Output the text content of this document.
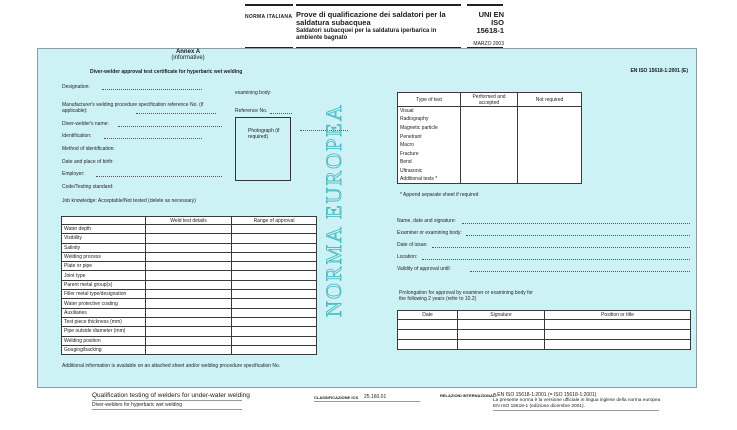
NORMA ITALIANA Prove di qualificazione dei saldatori per la saldatura subacquea
Saldatori subacquei per la saldatura iperbarica in ambiente bagnato
UNI EN ISO 15618-1
MARZO 2003
Annex A
(informative)
Diver-welder approval test certificate for hyperbaric wet welding	EN ISO 15618-1:2001 (E)
Designation:
Manufacturer's welding procedure specification reference No. (if applicable):
Diver-welder's name:
Identification:
Method of identification:
Date and place of birth:
Employer:
Code/Testing standard:
Job knowledge: Acceptable/Not tested (delete as necessary)
examining body:
Reference No.
Photograph (if required)
	Weld test details	Range of approval
Water depth		
Visibility		
Salinity		
Welding process		
Plate or pipe		
Joint type		
Parent metal group(s)		
Filler metal type/designation		
Water protective coating		
Auxiliaries		
Test piece thickness (mm)		
Pipe outside diameter (mm)		
Welding position		
Gouging/backing		
Additional information is available on an attached sheet and/or welding procedure specification No.
NORMA EUROPEA
Type of test	Performed and accepted	Not required
Visual		
Radiography		
Magnetic particle		
Penetrant		
Macro		
Fracture		
Bend		
Ultrasonic		
Additional tests *		
* Append separate sheet if required
Name, date and signature:
Examiner or examining body:
Date of issue:
Location:
Validity of approval until:
Prolongation for approval by examiner or examining body for the following 2 years (refer to 10.2)
Date	Signature	Position or title

Qualification testing of welders for under-water welding
Diver-welders for hyperbaric wet welding
CLASSIFICAZIONE ICS 25.160.01	RELAZIONI INTERNAZIONALI
= EN ISO 15618-1:2001 (= ISO 15618-1:2001)
La presente norma è la versione ufficiale in lingua inglese della norma europea EN ISO 15618-1 (edizione dicembre 2001).
